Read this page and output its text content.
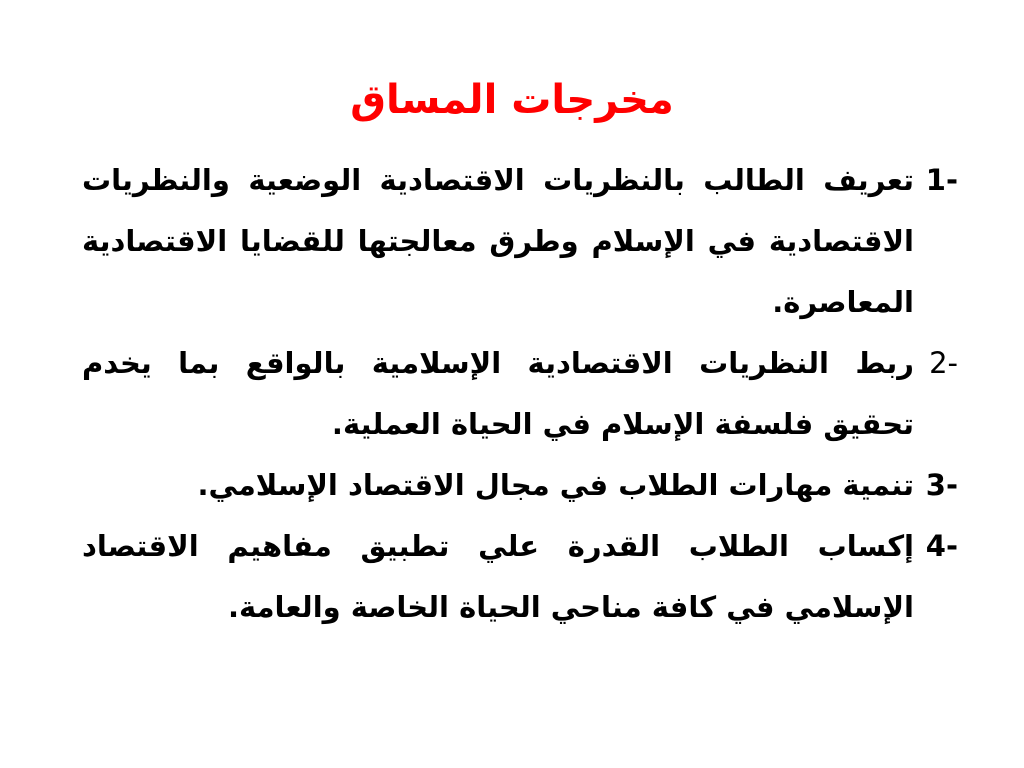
مخرجات المساق
1-
تعريف الطالب بالنظريات الاقتصادية الوضعية والنظريات الاقتصادية في الإسلام وطرق معالجتها للقضايا الاقتصادية المعاصرة.
2-
ربط النظريات الاقتصادية الإسلامية بالواقع بما يخدم تحقيق فلسفة الإسلام في الحياة العملية.
3-
تنمية مهارات الطلاب في مجال الاقتصاد الإسلامي.
4-
إكساب الطلاب القدرة علي تطبيق مفاهيم الاقتصاد الإسلامي في كافة مناحي الحياة الخاصة والعامة.
